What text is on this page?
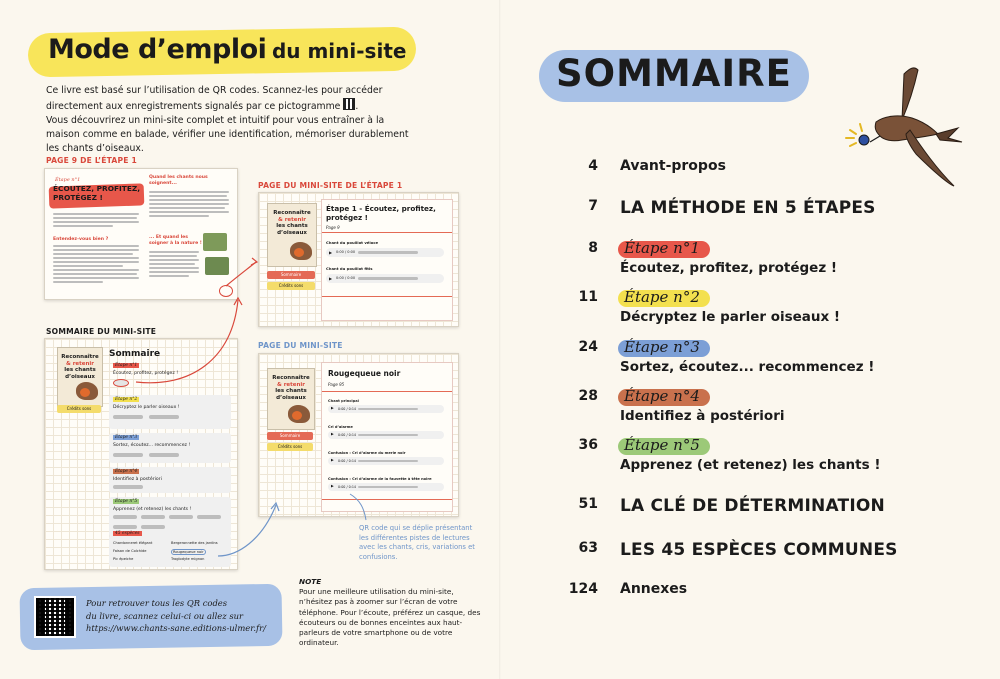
Mode d’emploi du mini-site
Ce livre est basé sur l’utilisation de QR codes. Scannez-les pour accéder directement aux enregistrements signalés par ce pictogramme .
Vous découvrirez un mini-site complet et intuitif pour vous entraîner à la maison comme en balade, vérifier une identification, mémoriser durablement les chants d’oiseaux.
PAGE 9 DE L’ÉTAPE 1
PAGE DU MINI-SITE DE L’ÉTAPE 1
SOMMAIRE DU MINI-SITE
PAGE DU MINI-SITE
Étape n°1
ÉCOUTEZ, PROFITEZ, PROTÉGEZ !
Entendez-vous bien ?
Quand les chants nous soignent...
... Et quand les soigner à la nature !
Reconnaître
& retenir
les chants d’oiseaux
Sommaire
Crédits sons
Étape 1 - Écoutez, profitez, protégez !
Page 9
Chant du pouillot véloce
▶ 0:00 / 0:00
Chant du pouillot fitis
▶ 0:00 / 0:00
Reconnaître
& retenir
les chants d’oiseaux
Crédits sons
Sommaire
Étape n°1
Écoutez, profitez, protégez !
Étape n°2
Décryptez le parler oiseaux !
Étape n°3
Sortez, écoutez... recommencez !
Étape n°4
Identifiez à postériori
Étape n°5
Apprenez (et retenez) les chants !
45 espèces
Chardonneret élégant	Bergeronnette des jardins
Faisan de Colchide	Rougequeue noir
Pic épeiche	Troglodyte mignon
Reconnaître
& retenir
les chants d’oiseaux
Sommaire
Crédits sons
Rougequeue noir
Page 95
Chant principal
▶ 0:00 / 0:14
Cri d’alarme
▶ 0:00 / 0:14
Confusion : Cri d’alarme du merle noir
▶ 0:00 / 0:14
Confusion : Cri d’alarme de la fauvette à tête noire
▶ 0:00 / 0:14
QR code qui se déplie présentant les différentes pistes de lectures avec les chants, cris, variations et confusions.
Pour retrouver tous les QR codes
du livre, scannez celui-ci ou allez sur
https://www.chants-sane.editions-ulmer.fr/
NOTE
Pour une meilleure utilisation du mini-site, n’hésitez pas à zoomer sur l’écran de votre téléphone. Pour l’écoute, préférez un casque, des écouteurs ou de bonnes enceintes aux haut-parleurs de votre smartphone ou de votre ordinateur.
SOMMAIRE
4 Avant-propos
7 LA MÉTHODE EN 5 ÉTAPES
8 Étape n°1
Écoutez, profitez, protégez !
11 Étape n°2
Décryptez le parler oiseaux !
24 Étape n°3
Sortez, écoutez... recommencez !
28 Étape n°4
Identifiez à postériori
36 Étape n°5
Apprenez (et retenez) les chants !
51 LA CLÉ DE DÉTERMINATION
63 LES 45 ESPÈCES COMMUNES
124 Annexes
